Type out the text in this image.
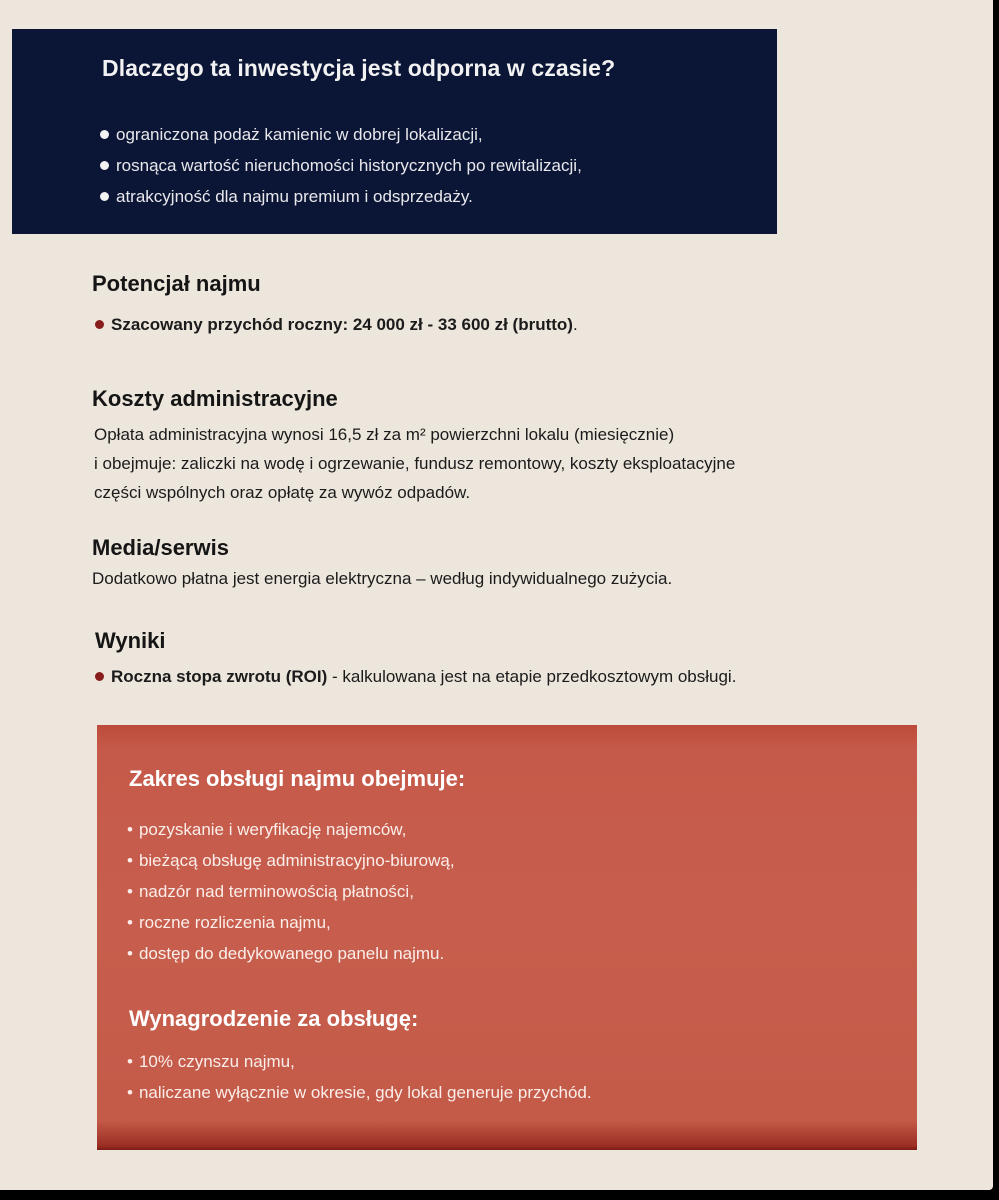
Dlaczego ta inwestycja jest odporna w czasie?
ograniczona podaż kamienic w dobrej lokalizacji,
rosnąca wartość nieruchomości historycznych po rewitalizacji,
atrakcyjność dla najmu premium i odsprzedaży.
Potencjał najmu
Szacowany przychód roczny: 24 000 zł - 33 600 zł (brutto).
Koszty administracyjne
Opłata administracyjna wynosi 16,5 zł za m² powierzchni lokalu (miesięcznie)
i obejmuje: zaliczki na wodę i ogrzewanie, fundusz remontowy, koszty eksploatacyjne
części wspólnych oraz opłatę za wywóz odpadów.
Media/serwis
Dodatkowo płatna jest energia elektryczna – według indywidualnego zużycia.
Wyniki
Roczna stopa zwrotu (ROI) - kalkulowana jest na etapie przedkosztowym obsługi.
Zakres obsługi najmu obejmuje:
• pozyskanie i weryfikację najemców,
• bieżącą obsługę administracyjno-biurową,
• nadzór nad terminowością płatności,
• roczne rozliczenia najmu,
• dostęp do dedykowanego panelu najmu.
Wynagrodzenie za obsługę:
• 10% czynszu najmu,
• naliczane wyłącznie w okresie, gdy lokal generuje przychód.
